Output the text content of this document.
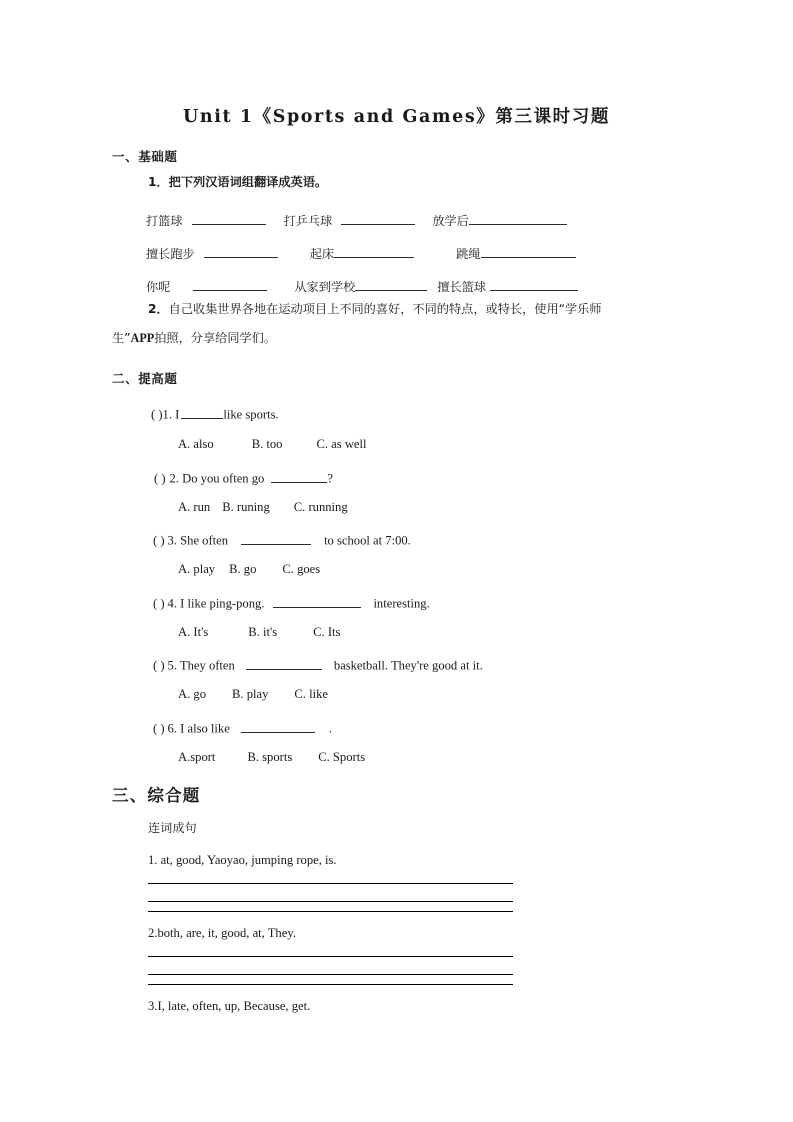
Unit 1《Sports and Games》第三课时习题
一、基础题
1．把下列汉语词组翻译成英语。
打篮球	打乒乓球	放学后
擅长跑步	起床	跳绳
你呢	从家到学校	擅长篮球
2．自己收集世界各地在运动项目上不同的喜好，不同的特点，或特长，使用“学乐师
生”APP拍照，分享给同学们。
二、提高题
( )1. I	like sports.
A. also	B. too	C. as well
( ) 2. Do you often go	?
A. run B. runing C. running
( ) 3. She often	to school at 7:00.
A. play B. go C. goes
( ) 4. I like ping-pong.	interesting.
A. It's	B. it's	C. Its
( ) 5. They often	basketball. They're good at it.
A. go B. play C. like
( ) 6. I also like	.
A.sport	B. sports C. Sports
三、综合题
连词成句
1. at, good, Yaoyao, jumping rope, is.
2.both, are, it, good, at, They.
3.I, late, often, up, Because, get.
